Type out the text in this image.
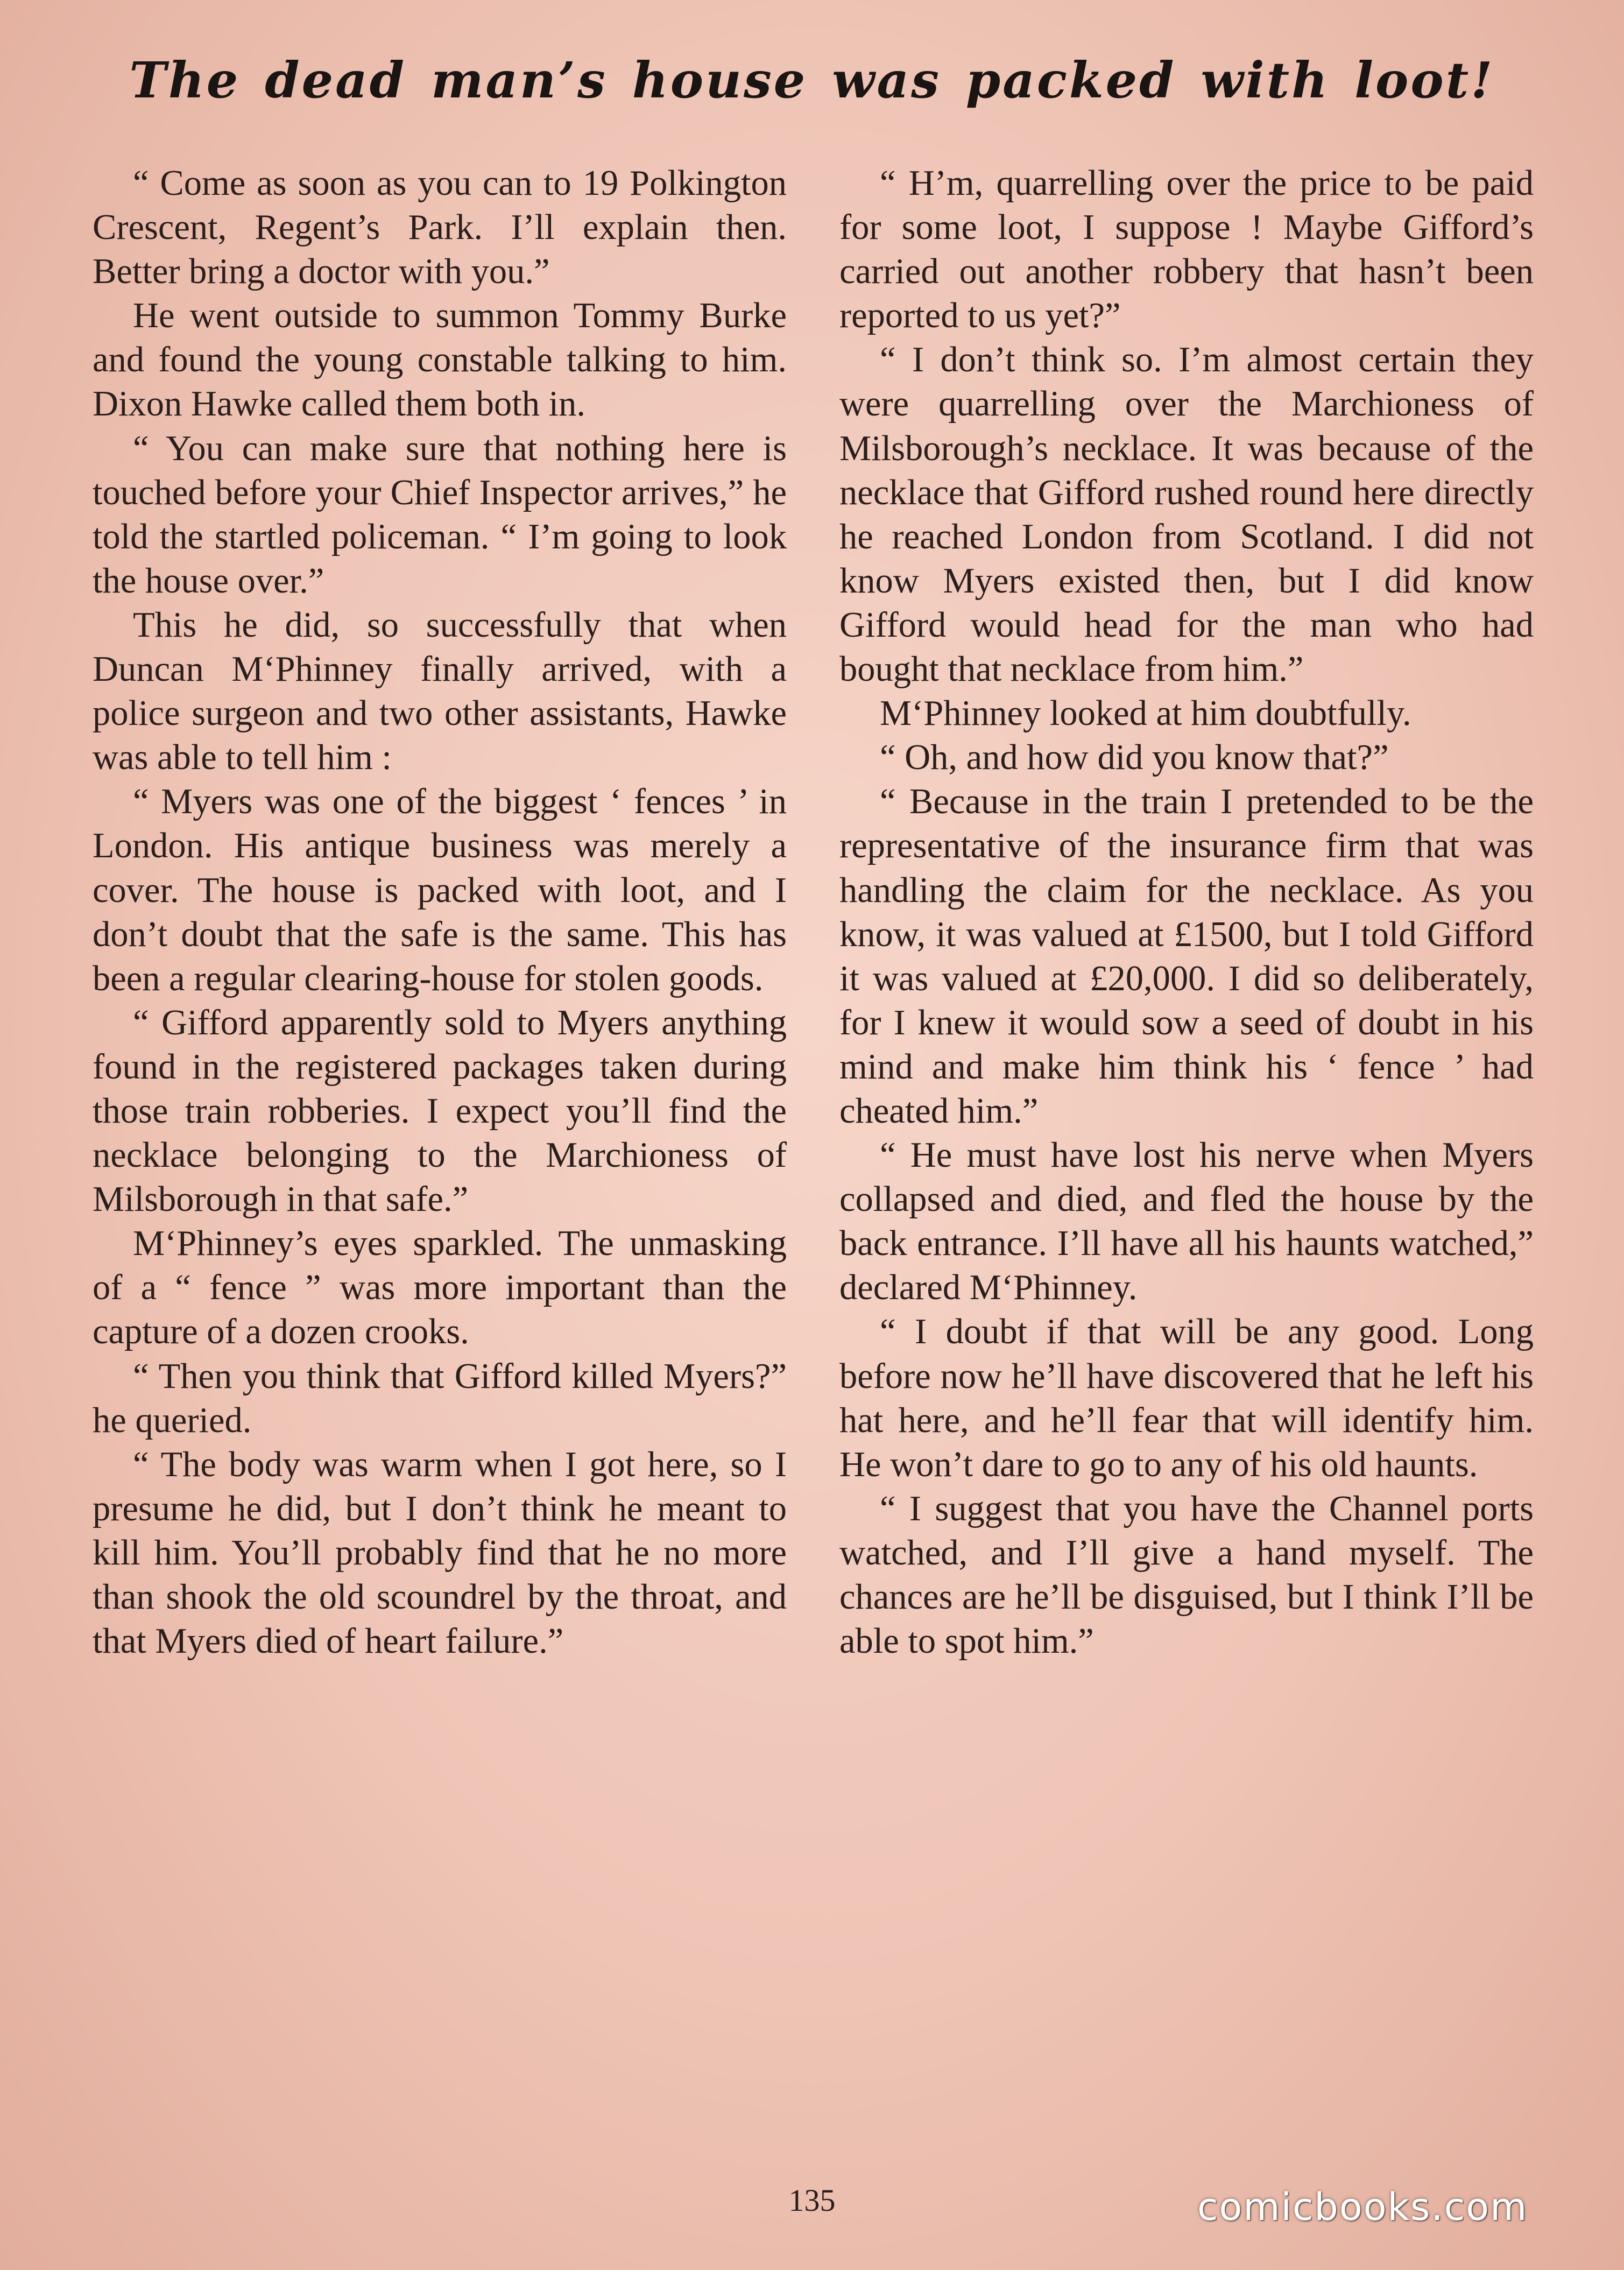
The dead man’s house was packed with loot!

“ Come as soon as you can to 19 Polkington Crescent, Regent’s Park. I’ll explain then. Better bring a doctor with you.”

He went outside to summon Tommy Burke and found the young constable talking to him. Dixon Hawke called them both in.

“ You can make sure that nothing here is touched before your Chief Inspector arrives,” he told the startled policeman. “ I’m going to look the house over.”

This he did, so successfully that when Duncan M‘Phinney finally arrived, with a police surgeon and two other assistants, Hawke was able to tell him :

“ Myers was one of the biggest ‘ fences ’ in London. His antique business was merely a cover. The house is packed with loot, and I don’t doubt that the safe is the same. This has been a regular clearing-house for stolen goods.

“ Gifford apparently sold to Myers anything found in the registered packages taken during those train robberies. I expect you’ll find the necklace belonging to the Marchioness of Milsborough in that safe.”

M‘Phinney’s eyes sparkled. The unmasking of a “ fence ” was more important than the capture of a dozen crooks.

“ Then you think that Gifford killed Myers?” he queried.

“ The body was warm when I got here, so I presume he did, but I don’t think he meant to kill him. You’ll probably find that he no more than shook the old scoundrel by the throat, and that Myers died of heart failure.”

“ H’m, quarrelling over the price to be paid for some loot, I suppose ! Maybe Gifford’s carried out another robbery that hasn’t been reported to us yet?”

“ I don’t think so. I’m almost certain they were quarrelling over the Marchioness of Milsborough’s necklace. It was because of the necklace that Gifford rushed round here directly he reached London from Scotland. I did not know Myers existed then, but I did know Gifford would head for the man who had bought that necklace from him.”

M‘Phinney looked at him doubtfully.

“ Oh, and how did you know that?”

“ Because in the train I pretended to be the representative of the insurance firm that was handling the claim for the necklace. As you know, it was valued at £1500, but I told Gifford it was valued at £20,000. I did so deliberately, for I knew it would sow a seed of doubt in his mind and make him think his ‘ fence ’ had cheated him.”

“ He must have lost his nerve when Myers collapsed and died, and fled the house by the back entrance. I’ll have all his haunts watched,” declared M‘Phinney.

“ I doubt if that will be any good. Long before now he’ll have discovered that he left his hat here, and he’ll fear that will identify him. He won’t dare to go to any of his old haunts.

“ I suggest that you have the Channel ports watched, and I’ll give a hand myself. The chances are he’ll be disguised, but I think I’ll be able to spot him.”

135	comicbooks.com
